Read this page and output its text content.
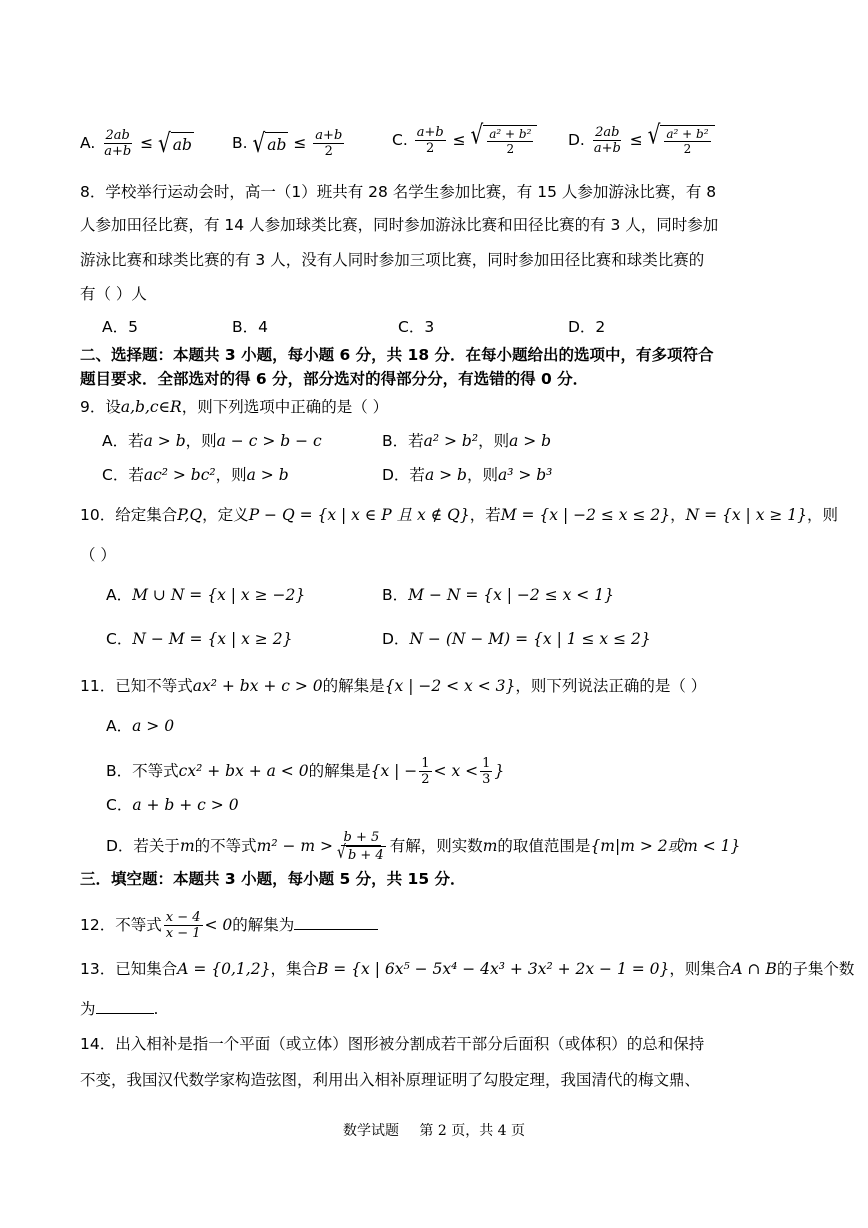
A. $\frac{2ab}{a+b}$ ≤ √ ab	B. √ ab ≤ $\frac{a+b}{2}$	C. $\frac{a+b}{2}$ ≤ √ $\frac{\text{a² + b²}}{2} D$. $\frac{2ab}{a+b}$ ≤ √ $\frac{\text{a² + b²}}{2}$
8．学校举行运动会时，高一（1）班共有 28 名学生参加比赛，有 15 人参加游泳比赛，有 8
人参加田径比赛，有 14 人参加球类比赛，同时参加游泳比赛和田径比赛的有 3 人，同时参加
游泳比赛和球类比赛的有 3 人，没有人同时参加三项比赛，同时参加田径比赛和球类比赛的
有（ ）人
A．5	B．4	C．3	D．2
二、选择题：本题共 3 小题，每小题 6 分，共 18 分．在每小题给出的选项中，有多项符合
题目要求．全部选对的得 6 分，部分选对的得部分分，有选错的得 0 分．
9．设a,b,c∈R，则下列选项中正确的是（ ）
A．若a > b，则a − c > b − c	B．若a² > b²，则a > b
C．若ac² > bc²，则a > b	D．若a > b，则a³ > b³
10．给定集合P,Q，定义P − Q = {x | x ∈ P 且 x ∉ Q}，若M = {x | −2 ≤ x ≤ 2}，N = {x | x ≥ 1}，则
（ ）
A．M ∪ N = {x | x ≥ −2}	B．M − N = {x | −2 ≤ x < 1}
C．N − M = {x | x ≥ 2}	D．N − (N − M) = {x | 1 ≤ x ≤ 2}
11．已知不等式ax² + bx + c > 0的解集是{x | −2 < x < 3}，则下列说法正确的是（ ）
A．a > 0
B．不等式cx² + bx + a < 0的解集是{x | − $\frac{1}{2} < x < \frac{1}{3}$ }
C．a + b + c > 0
D．若关于m的不等式$m^2 - m > \frac{b + 5}{√ b + 4}$ 有解，则实数m的取值范围是{m|m > 2或m < 1}
三．填空题：本题共 3 小题，每小题 5 分，共 15 分．
12．不等式 $\frac{x - 4}{x - 1} < 0$的解集为
13．已知集合A = {0,1,2}，集合B = {x | 6x⁵ − 5x⁴ − 4x³ + 3x² + 2x − 1 = 0}，则集合A ∩ B的子集个数
为	.
14．出入相补是指一个平面（或立体）图形被分割成若干部分后面积（或体积）的总和保持
不变，我国汉代数学家构造弦图，利用出入相补原理证明了勾股定理，我国清代的梅文鼎、
数学试题 第 2 页，共 4 页
